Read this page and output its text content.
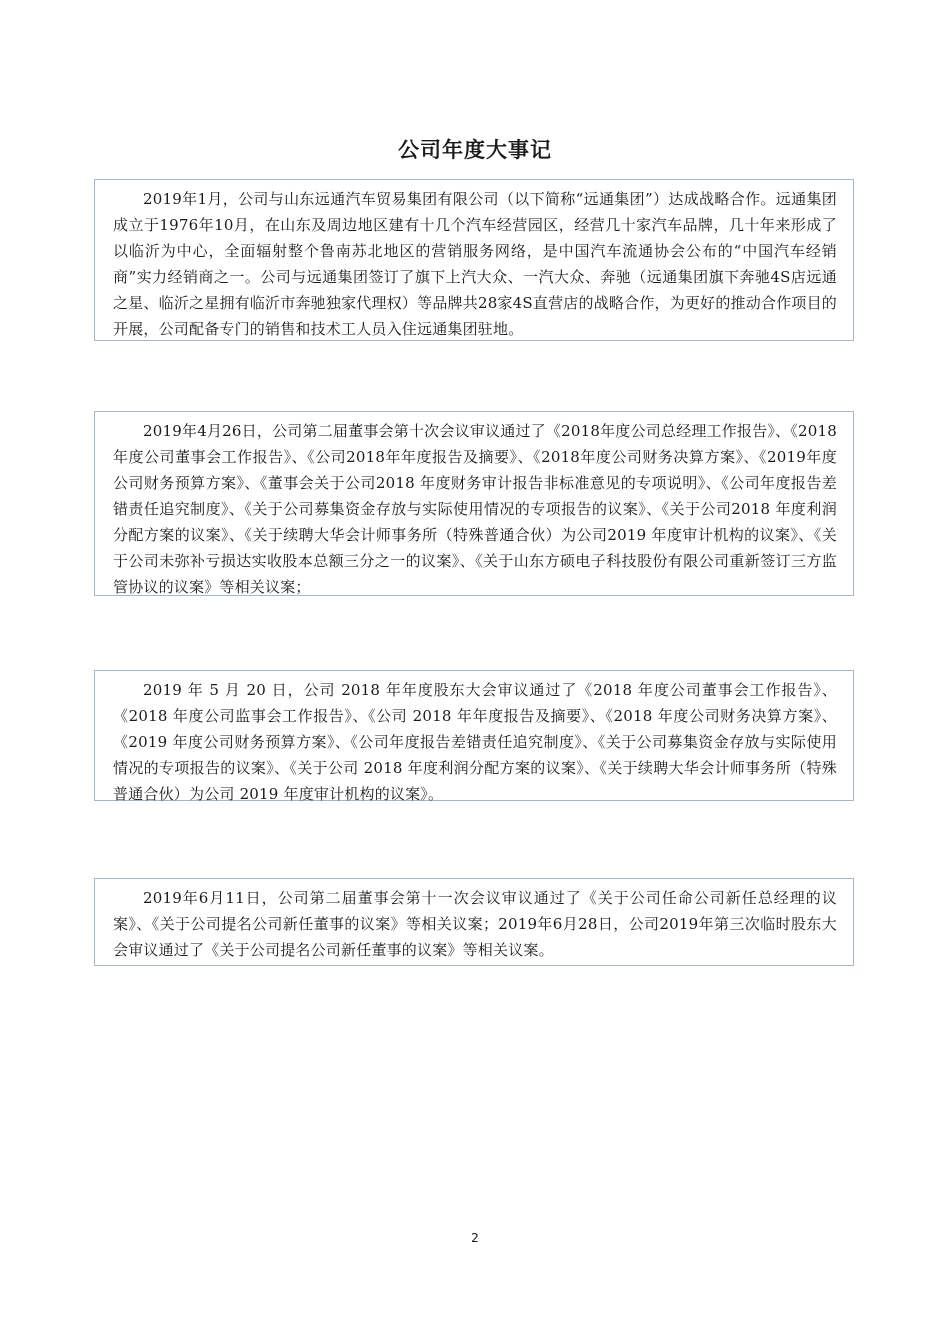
公司年度大事记

2019年1月，公司与山东远通汽车贸易集团有限公司（以下简称“远通集团”）达成战略合作。远通集团成立于1976年10月，在山东及周边地区建有十几个汽车经营园区，经营几十家汽车品牌，几十年来形成了以临沂为中心，全面辐射整个鲁南苏北地区的营销服务网络，是中国汽车流通协会公布的“中国汽车经销商”实力经销商之一。公司与远通集团签订了旗下上汽大众、一汽大众、奔驰（远通集团旗下奔驰4S店远通之星、临沂之星拥有临沂市奔驰独家代理权）等品牌共28家4S直营店的战略合作，为更好的推动合作项目的开展，公司配备专门的销售和技术工人员入住远通集团驻地。

2019年4月26日，公司第二届董事会第十次会议审议通过了《2018年度公司总经理工作报告》、《2018年度公司董事会工作报告》、《公司2018年年度报告及摘要》、《2018年度公司财务决算方案》、《2019年度公司财务预算方案》、《董事会关于公司2018 年度财务审计报告非标准意见的专项说明》、《公司年度报告差错责任追究制度》、《关于公司募集资金存放与实际使用情况的专项报告的议案》、《关于公司2018 年度利润分配方案的议案》、《关于续聘大华会计师事务所（特殊普通合伙）为公司2019 年度审计机构的议案》、《关于公司未弥补亏损达实收股本总额三分之一的议案》、《关于山东方硕电子科技股份有限公司重新签订三方监管协议的议案》等相关议案；

2019 年 5 月 20 日，公司 2018 年年度股东大会审议通过了《2018 年度公司董事会工作报告》、《2018 年度公司监事会工作报告》、《公司 2018 年年度报告及摘要》、《2018 年度公司财务决算方案》、《2019 年度公司财务预算方案》、《公司年度报告差错责任追究制度》、《关于公司募集资金存放与实际使用情况的专项报告的议案》、《关于公司 2018 年度利润分配方案的议案》、《关于续聘大华会计师事务所（特殊普通合伙）为公司 2019 年度审计机构的议案》。

2019年6月11日，公司第二届董事会第十一次会议审议通过了《关于公司任命公司新任总经理的议案》、《关于公司提名公司新任董事的议案》等相关议案；2019年6月28日，公司2019年第三次临时股东大会审议通过了《关于公司提名公司新任董事的议案》等相关议案。

2
